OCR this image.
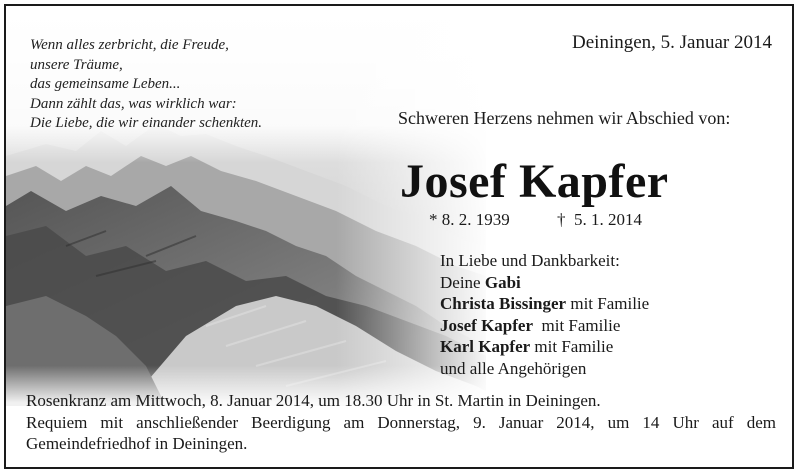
Wenn alles zerbricht, die Freude,
unsere Träume,
das gemeinsame Leben...
Dann zählt das, was wirklich war:
Die Liebe, die wir einander schenkten.
Deiningen, 5. Januar 2014
Schweren Herzens nehmen wir Abschied von:
Josef Kapfer
* 8. 2. 1939	†  5. 1. 2014
In Liebe und Dankbarkeit:
Deine Gabi
Christa Bissinger mit Familie
Josef Kapfer  mit Familie
Karl Kapfer mit Familie
und alle Angehörigen
Rosenkranz am Mittwoch, 8. Januar 2014, um 18.30 Uhr in St. Martin in Deiningen.
Requiem mit anschließender Beerdigung am Donnerstag, 9. Januar 2014, um 14 Uhr auf dem
Gemeindefriedhof in Deiningen.
